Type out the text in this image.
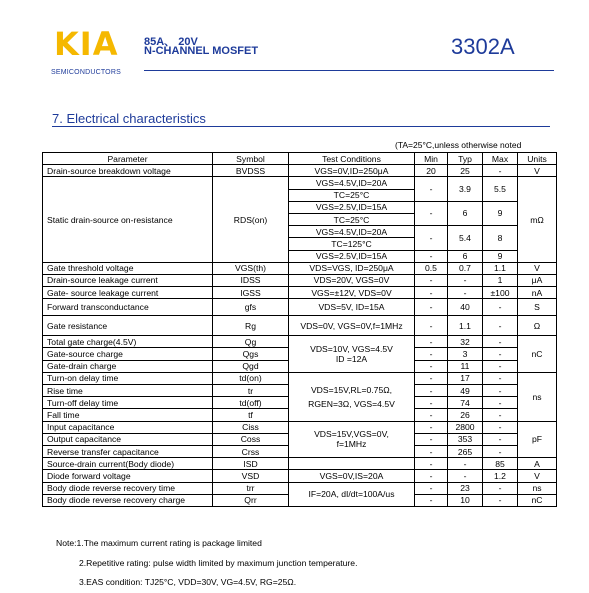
KIA
SEMICONDUCTORS
85A、 20V
N-CHANNEL MOSFET	3302A
7. Electrical characteristics
(TA=25°C,unless otherwise noted
Parameter	Symbol	Test Conditions	Min	Typ	Max	Units
Drain-source breakdown voltage	BVDSS	VGS=0V,ID=250μA	20	25	-	V
Static drain-source on-resistance	RDS(on)	VGS=4.5V,ID=20A	-	3.9	5.5	mΩ
		TC=25°C				
		VGS=2.5V,ID=15A	-	6	9	
		TC=25°C				
		VGS=4.5V,ID=20A	-	5.4	8	
		TC=125°C				
		VGS=2.5V,ID=15A	-	6	9	
Gate threshold voltage	VGS(th)	VDS=VGS, ID=250μA	0.5	0.7	1.1	V
Drain-source leakage current	IDSS	VDS=20V, VGS=0V	-	-	1	μA
Gate- source leakage current	IGSS	VGS=±12V, VDS=0V	-	-	±100	nA
Forward transconductance	gfs	VDS=5V, ID=15A	-	40	-	S
Gate resistance	Rg	VDS=0V, VGS=0V,f=1MHz	-	1.1	-	Ω
Total gate charge(4.5V)	Qg	VDS=10V, VGS=4.5V
ID =12A	-	32	-	nC
Gate-source charge	Qgs		-	3	-	
Gate-drain charge	Qgd		-	11	-	
Turn-on delay time	td(on)	VDS=15V,RL=0.75Ω,
RGEN=3Ω, VGS=4.5V	-	17	-	ns
Rise time	tr		-	49	-	
Turn-off delay time	td(off)		-	74	-	
Fall time	tf		-	26	-	
Input capacitance	Ciss	VDS=15V,VGS=0V,
f=1MHz	-	2800	-	pF
Output capacitance	Coss		-	353	-	
Reverse transfer capacitance	Crss		-	265	-	
Source-drain current(Body diode)	ISD		-	-	85	A
Diode forward voltage	VSD	VGS=0V,IS=20A	-	-	1.2	V
Body diode reverse recovery time	trr	IF=20A, dI/dt=100A/us	-	23	-	ns
Body diode reverse recovery charge	Qrr		-	10	-	nC
Note:1.The maximum current rating is package limited
2.Repetitive rating: pulse width limited by maximum junction temperature.
3.EAS condition: TJ25°C, VDD=30V, VG=4.5V, RG=25Ω.
